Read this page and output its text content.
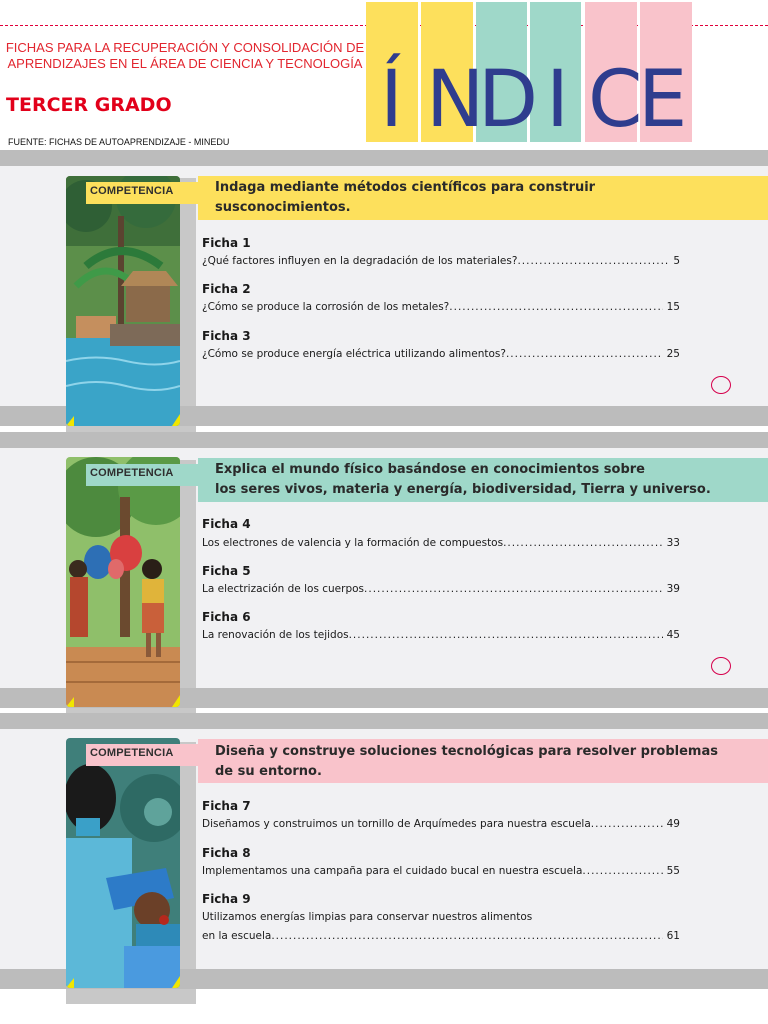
Í N
D I C
E
FICHAS PARA LA RECUPERACIÓN Y CONSOLIDACIÓN DE
APRENDIZAJES EN EL ÁREA DE CIENCIA Y TECNOLOGÍA
TERCER GRADO
FUENTE: FICHAS DE AUTOAPRENDIZAJE - MINEDU
COMPETENCIA	Indaga mediante métodos científicos para construir
susconocimientos.
Ficha 1
¿Qué factores influyen en la degradación de los materiales? .....	5
Ficha 2
¿Cómo se produce la corrosión de los metales? .....	15
Ficha 3
¿Cómo se produce energía eléctrica utilizando alimentos? .....	25
COMPETENCIA	Explica el mundo físico basándose en conocimientos sobre
los seres vivos, materia y energía, biodiversidad, Tierra y universo.
Ficha 4
Los electrones de valencia y la formación de compuestos .....	33
Ficha 5
La electrización de los cuerpos .....	39
Ficha 6
La renovación de los tejidos .....	45
COMPETENCIA	Diseña y construye soluciones tecnológicas para resolver problemas
de su entorno.
Ficha 7
Diseñamos y construimos un tornillo de Arquímedes para nuestra escuela .....	49
Ficha 8
Implementamos una campaña para el cuidado bucal en nuestra escuela .....	55
Ficha 9
Utilizamos energías limpias para conservar nuestros alimentos
en la escuela .....	61
